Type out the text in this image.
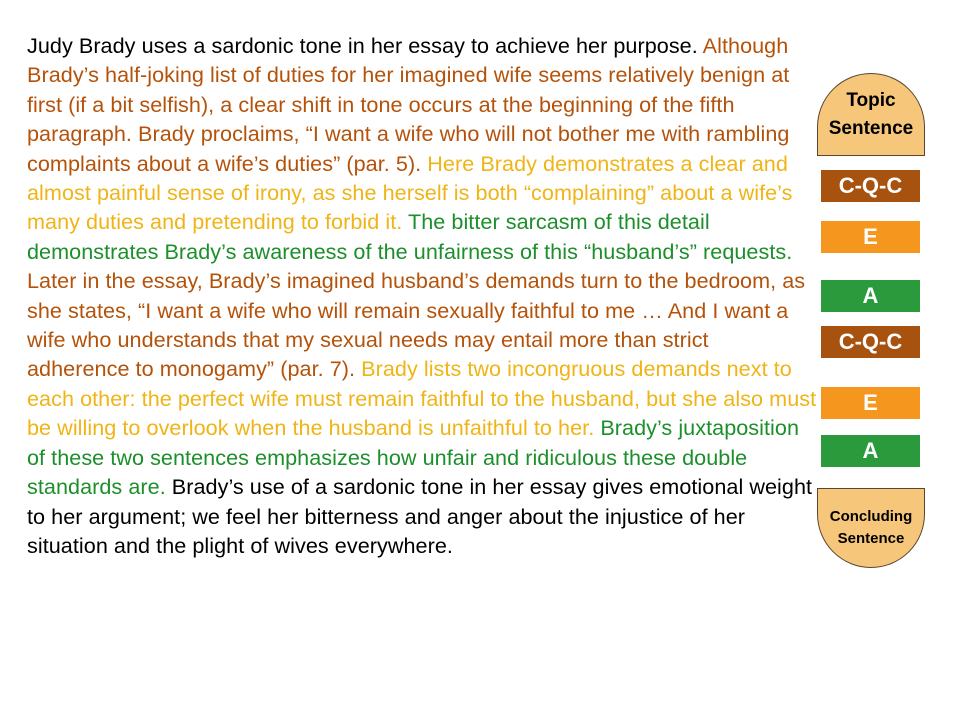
Judy Brady uses a sardonic tone in her essay to achieve her purpose. Although Brady’s half-joking list of duties for her imagined wife seems relatively benign at first (if a bit selfish), a clear shift in tone occurs at the beginning of the fifth paragraph. Brady proclaims, “I want a wife who will not bother me with rambling complaints about a wife’s duties” (par. 5). Here Brady demonstrates a clear and almost painful sense of irony, as she herself is both “complaining” about a wife’s many duties and pretending to forbid it. The bitter sarcasm of this detail demonstrates Brady’s awareness of the unfairness of this “husband’s” requests. Later in the essay, Brady’s imagined husband’s demands turn to the bedroom, as she states, “I want a wife who will remain sexually faithful to me … And I want a wife who understands that my sexual needs may entail more than strict adherence to monogamy” (par. 7). Brady lists two incongruous demands next to each other: the perfect wife must remain faithful to the husband, but she also must be willing to overlook when the husband is unfaithful to her. Brady’s juxtaposition of these two sentences emphasizes how unfair and ridiculous these double standards are. Brady’s use of a sardonic tone in her essay gives emotional weight to her argument; we feel her bitterness and anger about the injustice of her situation and the plight of wives everywhere.

Topic
Sentence
C-Q-C
E
A
C-Q-C
E
A
Concluding
Sentence
